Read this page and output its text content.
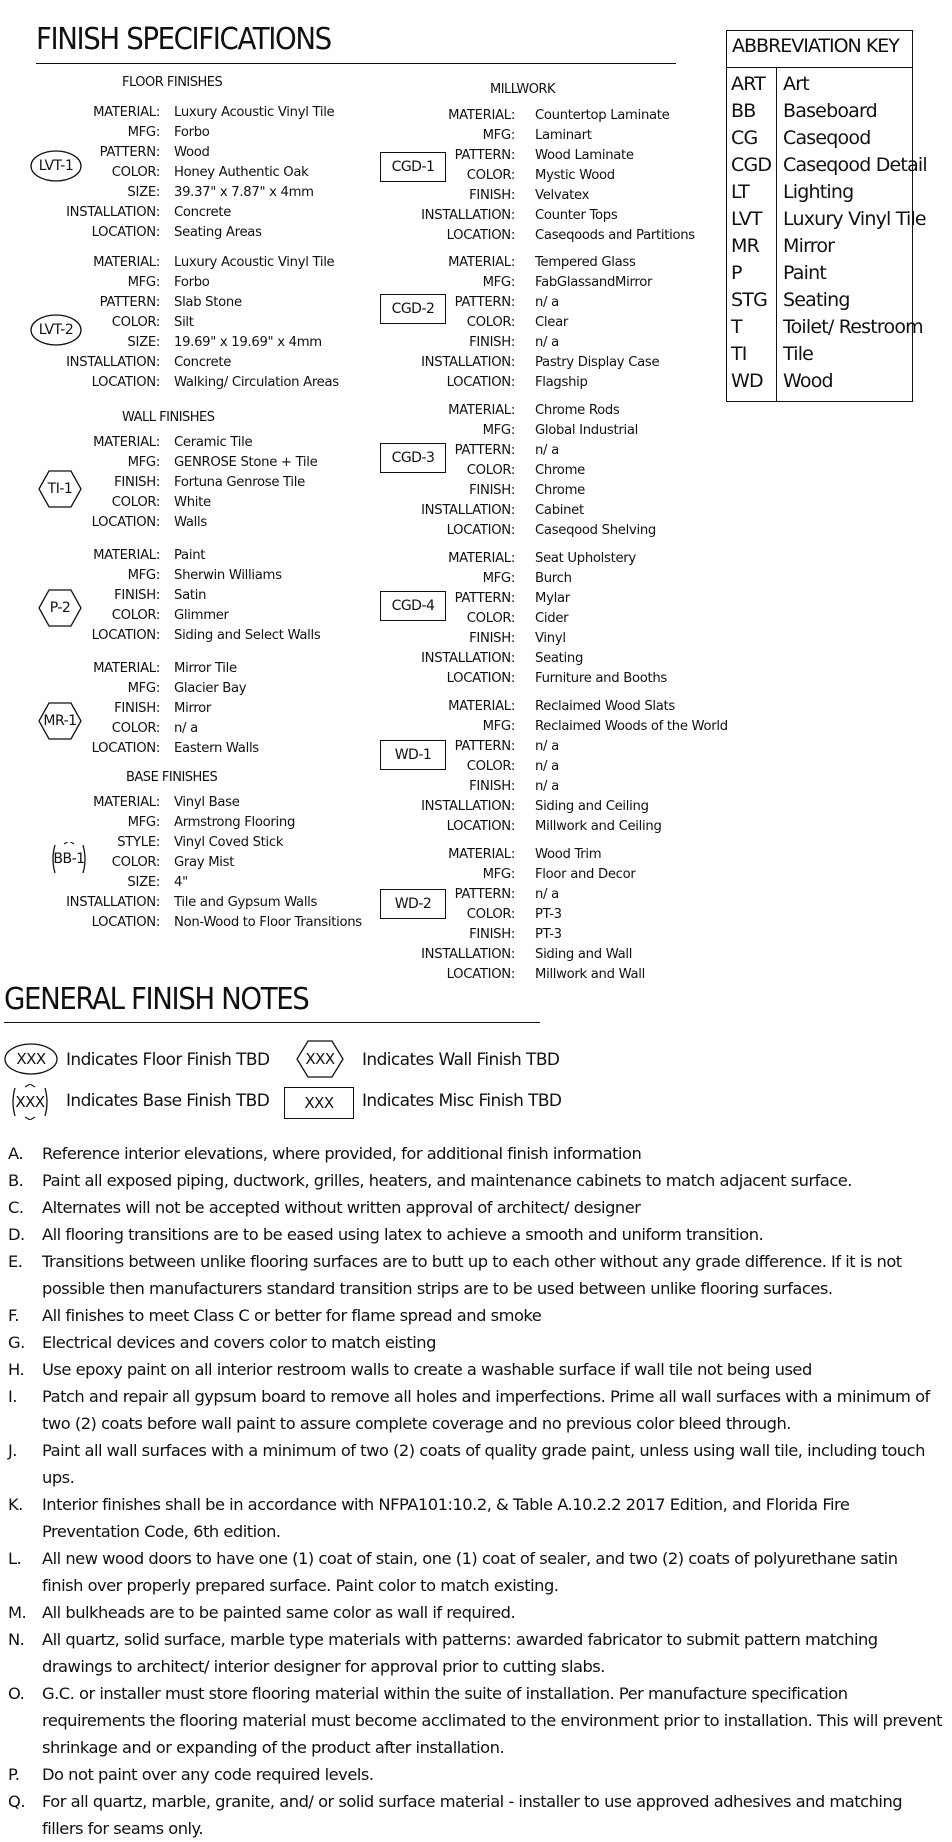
FINISH SPECIFICATIONS
FLOOR FINISHES
MATERIAL: Luxury Acoustic Vinyl Tile
MFG: Forbo
PATTERN: Wood
COLOR: Honey Authentic Oak
SIZE: 39.37" x 7.87" x 4mm
INSTALLATION: Concrete
LOCATION: Seating Areas
MATERIAL: Luxury Acoustic Vinyl Tile
MFG: Forbo
PATTERN: Slab Stone
COLOR: Silt
SIZE: 19.69" x 19.69" x 4mm
INSTALLATION: Concrete
LOCATION: Walking/ Circulation Areas
LVT-1
LVT-2
WALL FINISHES
MATERIAL: Ceramic Tile
MFG: GENROSE Stone + Tile
FINISH: Fortuna Genrose Tile
COLOR: White
LOCATION: Walls
MATERIAL: Paint
MFG: Sherwin Williams
FINISH: Satin
COLOR: Glimmer
LOCATION: Siding and Select Walls
MATERIAL: Mirror Tile
MFG: Glacier Bay
FINISH: Mirror
COLOR: n/ a
LOCATION: Eastern Walls
TI-1
P-2
MR-1
BASE FINISHES
MATERIAL: Vinyl Base
MFG: Armstrong Flooring
STYLE: Vinyl Coved Stick
COLOR: Gray Mist
SIZE: 4"
INSTALLATION: Tile and Gypsum Walls
LOCATION: Non-Wood to Floor Transitions
BB-1
MILLWORK
MATERIAL: Countertop Laminate
MFG: Laminart
PATTERN: Wood Laminate
COLOR: Mystic Wood
FINISH: Velvatex
INSTALLATION: Counter Tops
LOCATION: Caseqoods and Partitions
MATERIAL: Tempered Glass
MFG: FabGlassandMirror
PATTERN: n/ a
COLOR: Clear
FINISH: n/ a
INSTALLATION: Pastry Display Case
LOCATION: Flagship
MATERIAL: Chrome Rods
MFG: Global Industrial
PATTERN: n/ a
COLOR: Chrome
FINISH: Chrome
INSTALLATION: Cabinet
LOCATION: Caseqood Shelving
MATERIAL: Seat Upholstery
MFG: Burch
PATTERN: Mylar
COLOR: Cider
FINISH: Vinyl
INSTALLATION: Seating
LOCATION: Furniture and Booths
MATERIAL: Reclaimed Wood Slats
MFG: Reclaimed Woods of the World
PATTERN: n/ a
COLOR: n/ a
FINISH: n/ a
INSTALLATION: Siding and Ceiling
LOCATION: Millwork and Ceiling
MATERIAL: Wood Trim
MFG: Floor and Decor
PATTERN: n/ a
COLOR: PT-3
FINISH: PT-3
INSTALLATION: Siding and Wall
LOCATION: Millwork and Wall
CGD-1
CGD-2
CGD-3
CGD-4
WD-1
WD-2
ABBREVIATION KEY
ART Art
BB Baseboard
CG Caseqood
CGD Caseqood Detail
LT Lighting
LVT Luxury Vinyl Tile
MR Mirror
P Paint
STG Seating
T Toilet/ Restroom
TI Tile
WD Wood
GENERAL FINISH NOTES
XXX Indicates Floor Finish TBD XXX Indicates Wall Finish TBD
XXX Indicates Base Finish TBD XXX Indicates Misc Finish TBD
A. Reference interior elevations, where provided, for additional finish information
B. Paint all exposed piping, ductwork, grilles, heaters, and maintenance cabinets to match adjacent surface.
C. Alternates will not be accepted without written approval of architect/ designer
D. All flooring transitions are to be eased using latex to achieve a smooth and uniform transition.
E. Transitions between unlike flooring surfaces are to butt up to each other without any grade difference. If it is not possible then manufacturers standard transition strips are to be used between unlike flooring surfaces.
F. All finishes to meet Class C or better for flame spread and smoke
G. Electrical devices and covers color to match eisting
H. Use epoxy paint on all interior restroom walls to create a washable surface if wall tile not being used
I. Patch and repair all gypsum board to remove all holes and imperfections. Prime all wall surfaces with a minimum of two (2) coats before wall paint to assure complete coverage and no previous color bleed through.
J. Paint all wall surfaces with a minimum of two (2) coats of quality grade paint, unless using wall tile, including touch ups.
K. Interior finishes shall be in accordance with NFPA101:10.2, & Table A.10.2.2 2017 Edition, and Florida Fire Preventation Code, 6th edition.
L. All new wood doors to have one (1) coat of stain, one (1) coat of sealer, and two (2) coats of polyurethane satin finish over properly prepared surface. Paint color to match existing.
M. All bulkheads are to be painted same color as wall if required.
N. All quartz, solid surface, marble type materials with patterns: awarded fabricator to submit pattern matching drawings to architect/ interior designer for approval prior to cutting slabs.
O. G.C. or installer must store flooring material within the suite of installation. Per manufacture specification requirements the flooring material must become acclimated to the environment prior to installation. This will prevent shrinkage and or expanding of the product after installation.
P. Do not paint over any code required levels.
Q. For all quartz, marble, granite, and/ or solid surface material - installer to use approved adhesives and matching fillers for seams only.
